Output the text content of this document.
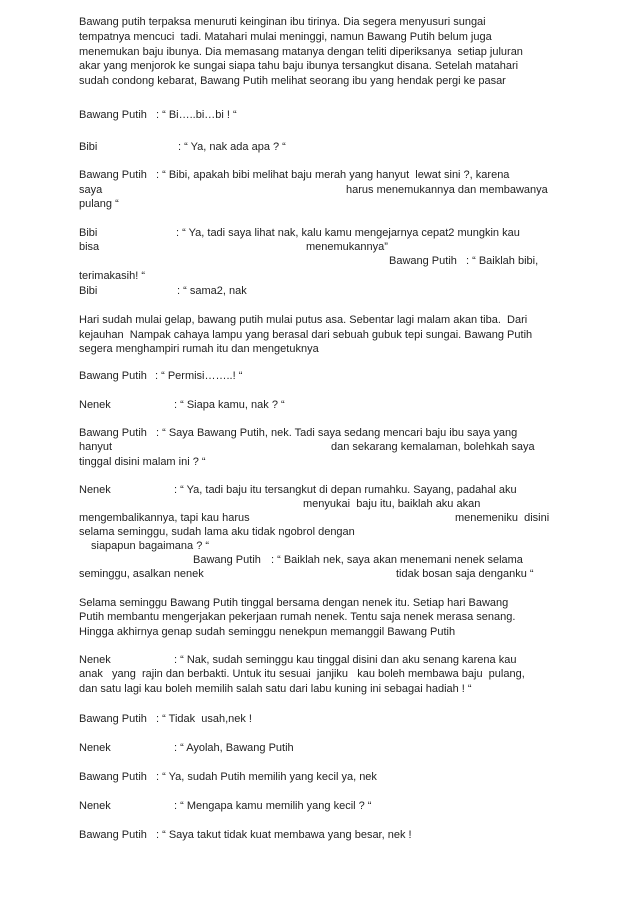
Bawang putih terpaksa menuruti keinginan ibu tirinya. Dia segera menyusuri sungai
tempatnya mencuci  tadi. Matahari mulai meninggi, namun Bawang Putih belum juga
menemukan baju ibunya. Dia memasang matanya dengan teliti diperiksanya  setiap juluran
akar yang menjorok ke sungai siapa tahu baju ibunya tersangkut disana. Setelah matahari
sudah condong kebarat, Bawang Putih melihat seorang ibu yang hendak pergi ke pasar
Bawang Putih : “ Bi…..bi…bi ! “
Bibi	: “ Ya, nak ada apa ? “
Bawang Putih : “ Bibi, apakah bibi melihat baju merah yang hanyut  lewat sini ?, karena
saya	harus menemukannya dan membawanya
pulang “
Bibi	: “ Ya, tadi saya lihat nak, kalu kamu mengejarnya cepat2 mungkin kau
bisa	menemukannya”
Bawang Putih : “ Baiklah bibi,
terimakasih! “
Bibi	: “ sama2, nak
Hari sudah mulai gelap, bawang putih mulai putus asa. Sebentar lagi malam akan tiba.  Dari
kejauhan  Nampak cahaya lampu yang berasal dari sebuah gubuk tepi sungai. Bawang Putih
segera menghampiri rumah itu dan mengetuknya
Bawang Putih : “ Permisi……..! “
Nenek	: “ Siapa kamu, nak ? “
Bawang Putih : “ Saya Bawang Putih, nek. Tadi saya sedang mencari baju ibu saya yang
hanyut	dan sekarang kemalaman, bolehkah saya
tinggal disini malam ini ? “
Nenek	: “ Ya, tadi baju itu tersangkut di depan rumahku. Sayang, padahal aku
menyukai  baju itu, baiklah aku akan
mengembalikannya, tapi kau harus	menemeniku  disini
selama seminggu, sudah lama aku tidak ngobrol dengan
siapapun bagaimana ? “
Bawang Putih : “ Baiklah nek, saya akan menemani nenek selama
seminggu, asalkan nenek	tidak bosan saja denganku “
Selama seminggu Bawang Putih tinggal bersama dengan nenek itu. Setiap hari Bawang
Putih membantu mengerjakan pekerjaan rumah nenek. Tentu saja nenek merasa senang.
Hingga akhirnya genap sudah seminggu nenekpun memanggil Bawang Putih
Nenek	: “ Nak, sudah seminggu kau tinggal disini dan aku senang karena kau
anak   yang  rajin dan berbakti. Untuk itu sesuai  janjiku   kau boleh membawa baju  pulang,
dan satu lagi kau boleh memilih salah satu dari labu kuning ini sebagai hadiah ! “
Bawang Putih : “ Tidak  usah,nek !
Nenek	: “ Ayolah, Bawang Putih
Bawang Putih : “ Ya, sudah Putih memilih yang kecil ya, nek
Nenek	: “ Mengapa kamu memilih yang kecil ? “
Bawang Putih : “ Saya takut tidak kuat membawa yang besar, nek !
